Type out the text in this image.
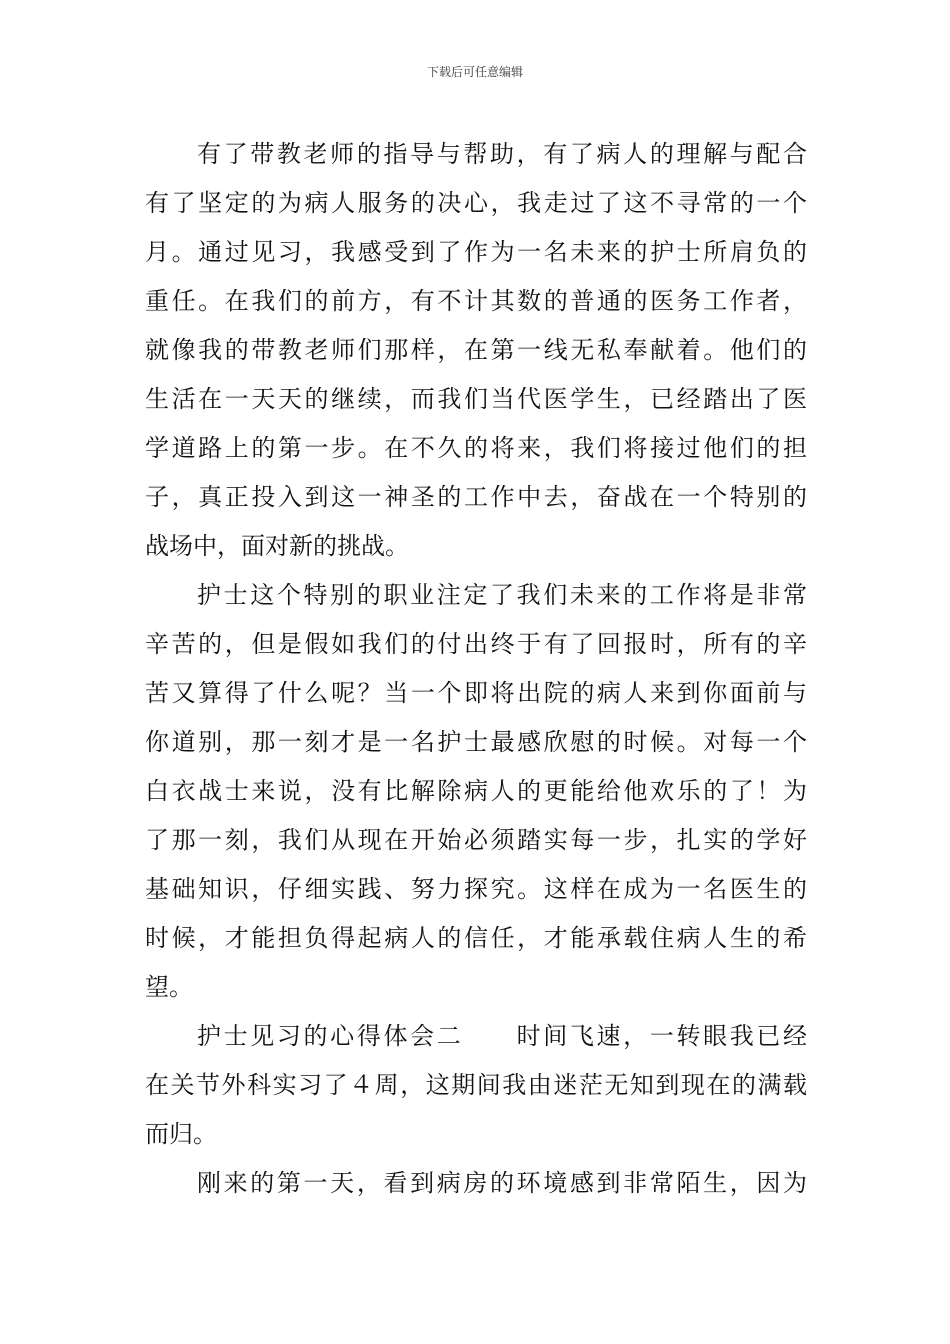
下载后可任意编辑
有了带教老师的指导与帮助，有了病人的理解与配合
有了坚定的为病人服务的决心，我走过了这不寻常的一个
月。通过见习，我感受到了作为一名未来的护士所肩负的
重任。在我们的前方，有不计其数的普通的医务工作者，
就像我的带教老师们那样，在第一线无私奉献着。他们的
生活在一天天的继续，而我们当代医学生，已经踏出了医
学道路上的第一步。在不久的将来，我们将接过他们的担
子，真正投入到这一神圣的工作中去，奋战在一个特别的
战场中，面对新的挑战。
护士这个特别的职业注定了我们未来的工作将是非常
辛苦的，但是假如我们的付出终于有了回报时，所有的辛
苦又算得了什么呢？当一个即将出院的病人来到你面前与
你道别，那一刻才是一名护士最感欣慰的时候。对每一个
白衣战士来说，没有比解除病人的更能给他欢乐的了！为
了那一刻，我们从现在开始必须踏实每一步，扎实的学好
基础知识，仔细实践、努力探究。这样在成为一名医生的
时候，才能担负得起病人的信任，才能承载住病人生的希
望。
护士见习的心得体会二　　时间飞速，一转眼我已经
在关节外科实习了４周，这期间我由迷茫无知到现在的满载
而归。
刚来的第一天，看到病房的环境感到非常陌生，因为
